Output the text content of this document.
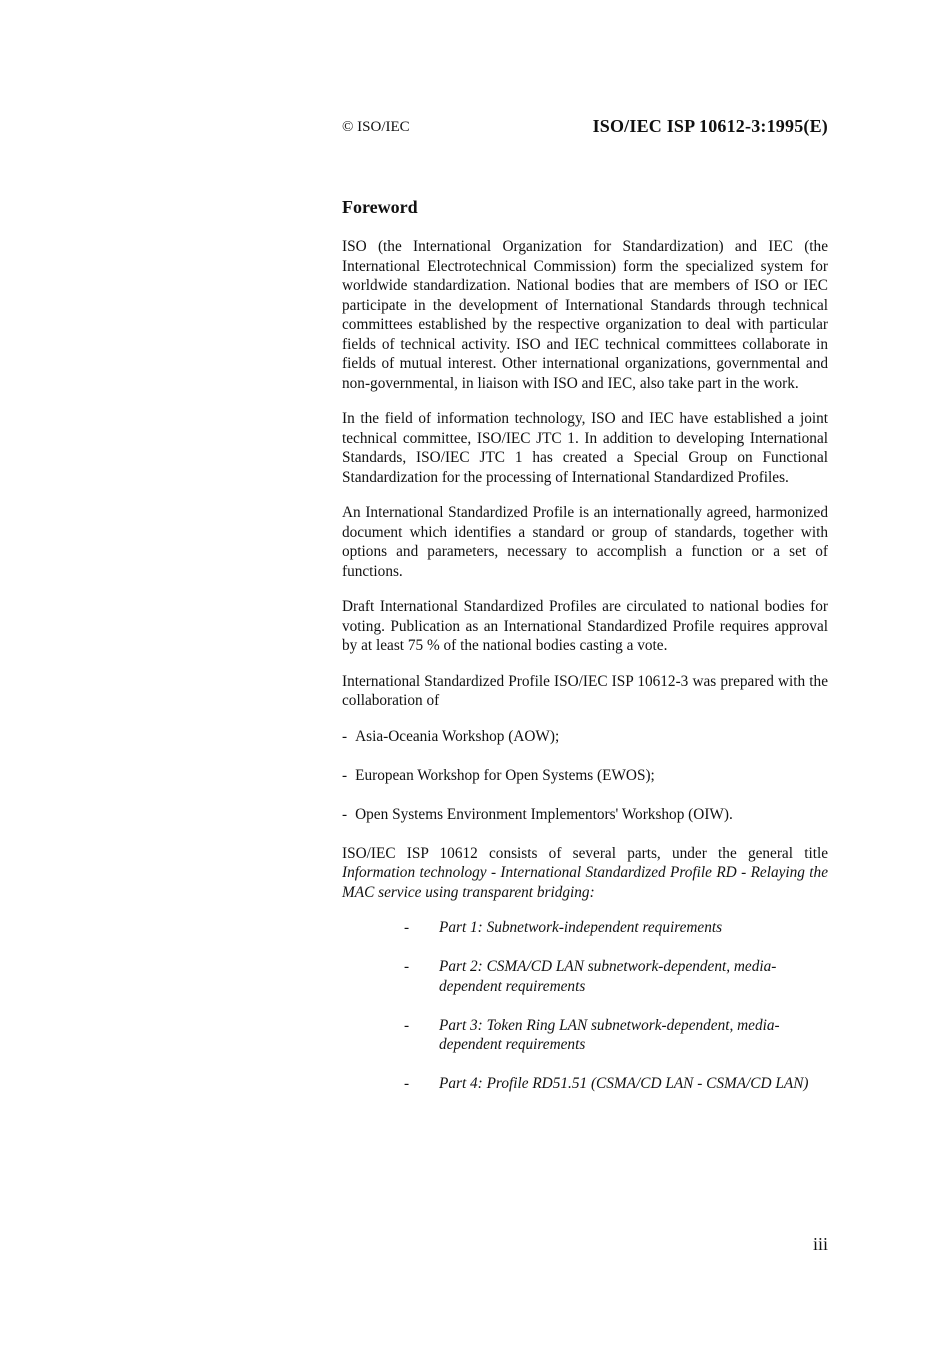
© ISO/IEC	ISO/IEC ISP 10612-3:1995(E)
Foreword

ISO (the International Organization for Standardization) and IEC (the International Electrotechnical Commission) form the specialized system for worldwide standardization. National bodies that are members of ISO or IEC participate in the development of International Standards through technical committees established by the respective organization to deal with particular fields of technical activity. ISO and IEC technical committees collaborate in fields of mutual interest. Other international organizations, governmental and non-governmental, in liaison with ISO and IEC, also take part in the work.

In the field of information technology, ISO and IEC have established a joint technical committee, ISO/IEC JTC 1. In addition to developing International Standards, ISO/IEC JTC 1 has created a Special Group on Functional Standardization for the processing of International Standardized Profiles.

An International Standardized Profile is an internationally agreed, harmonized document which identifies a standard or group of standards, together with options and parameters, necessary to accomplish a function or a set of functions.

Draft International Standardized Profiles are circulated to national bodies for voting. Publication as an International Standardized Profile requires approval by at least 75 % of the national bodies casting a vote.

International Standardized Profile ISO/IEC ISP 10612-3 was prepared with the collaboration of

- Asia-Oceania Workshop (AOW);
- European Workshop for Open Systems (EWOS);
- Open Systems Environment Implementors' Workshop (OIW).

ISO/IEC ISP 10612 consists of several parts, under the general title Information technology - International Standardized Profile RD - Relaying the MAC service using transparent bridging:

- Part 1: Subnetwork-independent requirements
- Part 2: CSMA/CD LAN subnetwork-dependent, media-dependent requirements
- Part 3: Token Ring LAN subnetwork-dependent, media-dependent requirements
- Part 4: Profile RD51.51 (CSMA/CD LAN - CSMA/CD LAN)
iii
